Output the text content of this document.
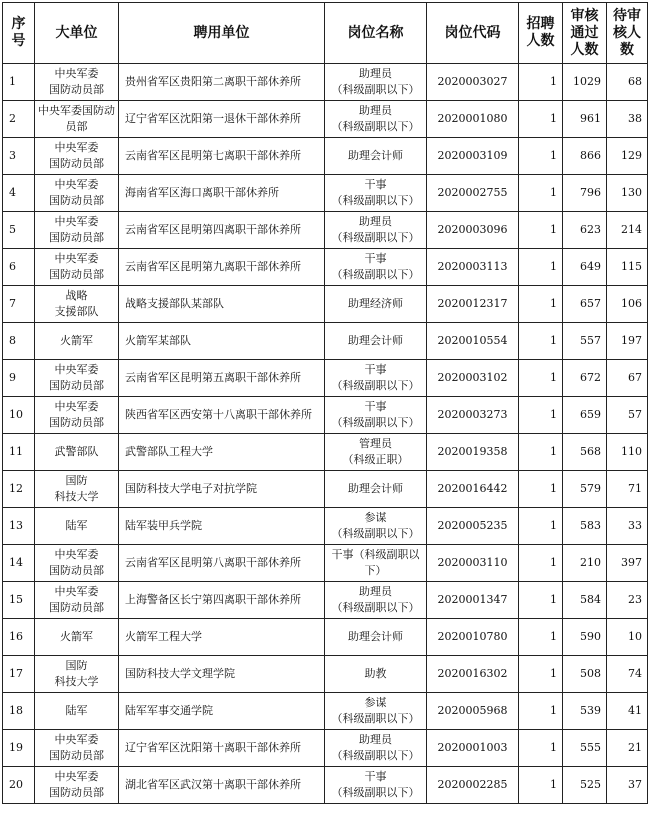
序
号	大单位	聘用单位	岗位名称	岗位代码	招聘
人数	审核
通过
人数	待审
核人
数

1	中央军委
国防动员部	贵州省军区贵阳第二离职干部休养所	助理员
（科级副职以下）	2020003027	1	1029	68

2	中央军委国防动员部	辽宁省军区沈阳第一退休干部休养所	助理员
（科级副职以下）	2020001080	1	961	38

3	中央军委
国防动员部	云南省军区昆明第七离职干部休养所	助理会计师	2020003109	1	866	129

4	中央军委
国防动员部	海南省军区海口离职干部休养所	干事
（科级副职以下）	2020002755	1	796	130

5	中央军委
国防动员部	云南省军区昆明第四离职干部休养所	助理员
（科级副职以下）	2020003096	1	623	214

6	中央军委
国防动员部	云南省军区昆明第九离职干部休养所	干事
（科级副职以下）	2020003113	1	649	115

7	战略
支援部队	战略支援部队某部队	助理经济师	2020012317	1	657	106

8	火箭军	火箭军某部队	助理会计师	2020010554	1	557	197

9	中央军委
国防动员部	云南省军区昆明第五离职干部休养所	干事
（科级副职以下）	2020003102	1	672	67

10	中央军委
国防动员部	陕西省军区西安第十八离职干部休养所	干事
（科级副职以下）	2020003273	1	659	57

11	武警部队	武警部队工程大学	管理员
（科级正职）	2020019358	1	568	110

12	国防
科技大学	国防科技大学电子对抗学院	助理会计师	2020016442	1	579	71

13	陆军	陆军装甲兵学院	参谋
（科级副职以下）	2020005235	1	583	33

14	中央军委
国防动员部	云南省军区昆明第八离职干部休养所	干事（科级副职以
下）	2020003110	1	210	397

15	中央军委
国防动员部	上海警备区长宁第四离职干部休养所	助理员
（科级副职以下）	2020001347	1	584	23

16	火箭军	火箭军工程大学	助理会计师	2020010780	1	590	10

17	国防
科技大学	国防科技大学文理学院	助教	2020016302	1	508	74

18	陆军	陆军军事交通学院	参谋
（科级副职以下）	2020005968	1	539	41

19	中央军委
国防动员部	辽宁省军区沈阳第十离职干部休养所	助理员
（科级副职以下）	2020001003	1	555	21

20	中央军委
国防动员部	湖北省军区武汉第十离职干部休养所	干事
（科级副职以下）	2020002285	1	525	37
